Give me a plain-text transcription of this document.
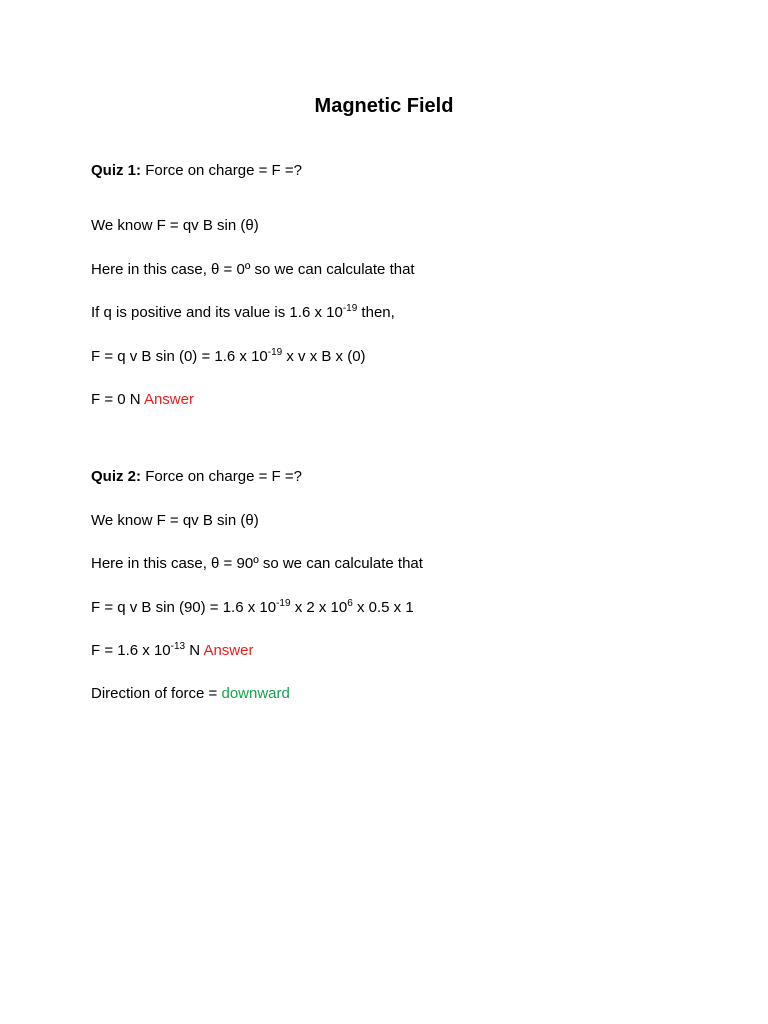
Magnetic Field

Quiz 1: Force on charge = F =?

We know F = qv B sin (θ)

Here in this case, θ = 0º so we can calculate that

If q is positive and its value is 1.6 x $10^{-19}$ then,

F = q v B sin (0) = 1.6 x $10^{-19}$ x v x B x (0)

F = 0 N Answer

Quiz 2: Force on charge = F =?

We know F = qv B sin (θ)

Here in this case, θ = 90º so we can calculate that

F = q v B sin (90) = 1.6 x $10^{-19}$ x 2 x $10^6$ x 0.5 x 1

F = 1.6 x $10^{-13}$ N Answer

Direction of force = downward
